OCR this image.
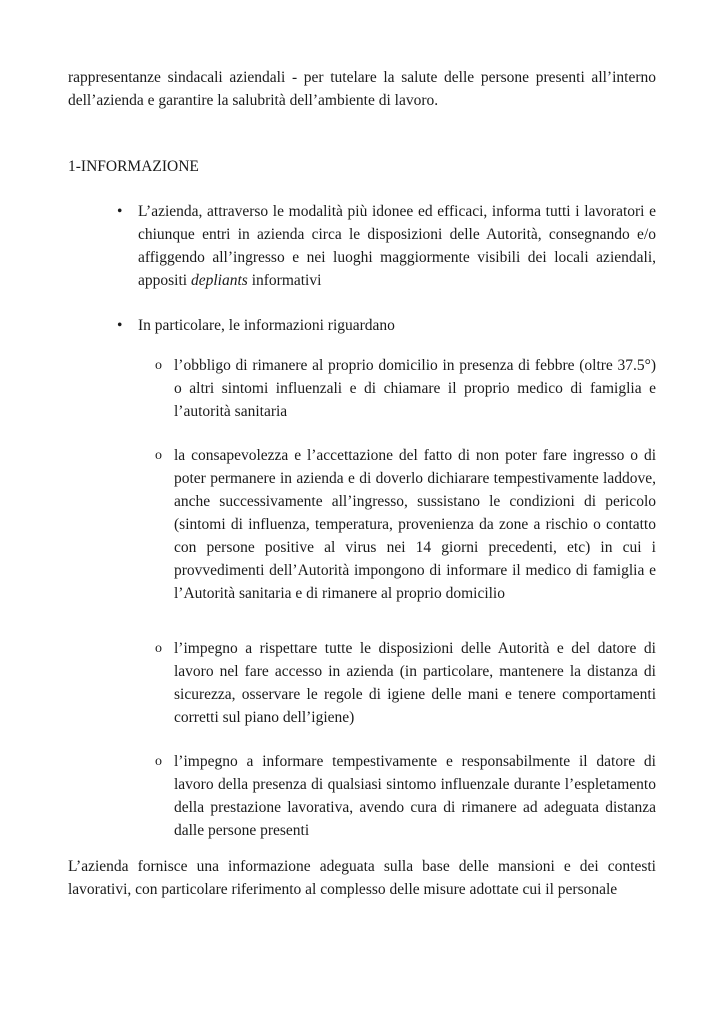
rappresentanze sindacali aziendali - per tutelare la salute delle persone presenti all’interno dell’azienda e garantire la salubrità dell’ambiente di lavoro.
1-INFORMAZIONE
• L’azienda, attraverso le modalità più idonee ed efficaci, informa tutti i lavoratori e chiunque entri in azienda circa le disposizioni delle Autorità, consegnando e/o affiggendo all’ingresso e nei luoghi maggiormente visibili dei locali aziendali, appositi depliants informativi
• In particolare, le informazioni riguardano
o l’obbligo di rimanere al proprio domicilio in presenza di febbre (oltre 37.5°) o altri sintomi influenzali e di chiamare il proprio medico di famiglia e l’autorità sanitaria
o la consapevolezza e l’accettazione del fatto di non poter fare ingresso o di poter permanere in azienda e di doverlo dichiarare tempestivamente laddove, anche successivamente all’ingresso, sussistano le condizioni di pericolo (sintomi di influenza, temperatura, provenienza da zone a rischio o contatto con persone positive al virus nei 14 giorni precedenti, etc) in cui i provvedimenti dell’Autorità impongono di informare il medico di famiglia e l’Autorità sanitaria e di rimanere al proprio domicilio
o l’impegno a rispettare tutte le disposizioni delle Autorità e del datore di lavoro nel fare accesso in azienda (in particolare, mantenere la distanza di sicurezza, osservare le regole di igiene delle mani e tenere comportamenti corretti sul piano dell’igiene)
o l’impegno a informare tempestivamente e responsabilmente il datore di lavoro della presenza di qualsiasi sintomo influenzale durante l’espletamento della prestazione lavorativa, avendo cura di rimanere ad adeguata distanza dalle persone presenti
L’azienda fornisce una informazione adeguata sulla base delle mansioni e dei contesti lavorativi, con particolare riferimento al complesso delle misure adottate cui il personale
